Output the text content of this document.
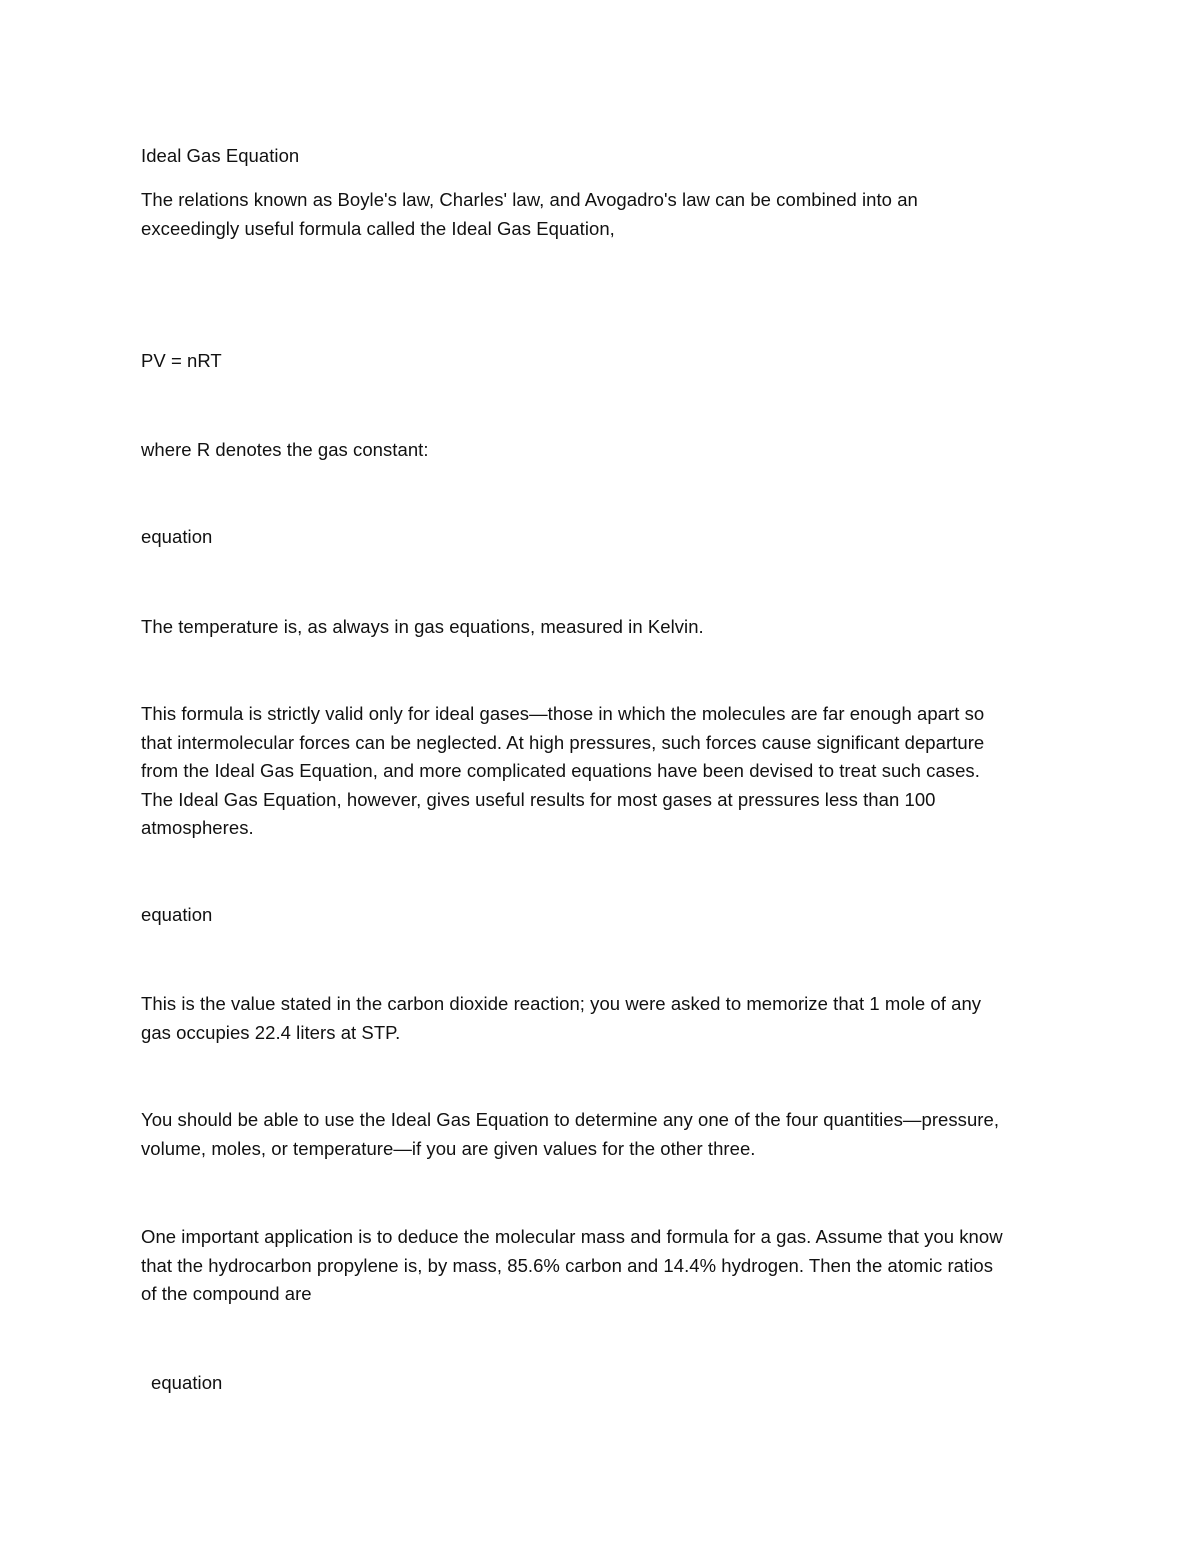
Ideal Gas Equation
The relations known as Boyle's law, Charles' law, and Avogadro's law can be combined into an
exceedingly useful formula called the Ideal Gas Equation,
PV = nRT
where R denotes the gas constant:
equation
The temperature is, as always in gas equations, measured in Kelvin.
This formula is strictly valid only for ideal gases—those in which the molecules are far enough apart so
that intermolecular forces can be neglected. At high pressures, such forces cause significant departure
from the Ideal Gas Equation, and more complicated equations have been devised to treat such cases.
The Ideal Gas Equation, however, gives useful results for most gases at pressures less than 100
atmospheres.
equation
This is the value stated in the carbon dioxide reaction; you were asked to memorize that 1 mole of any
gas occupies 22.4 liters at STP.
You should be able to use the Ideal Gas Equation to determine any one of the four quantities—pressure,
volume, moles, or temperature—if you are given values for the other three.
One important application is to deduce the molecular mass and formula for a gas. Assume that you know
that the hydrocarbon propylene is, by mass, 85.6% carbon and 14.4% hydrogen. Then the atomic ratios
of the compound are
equation
